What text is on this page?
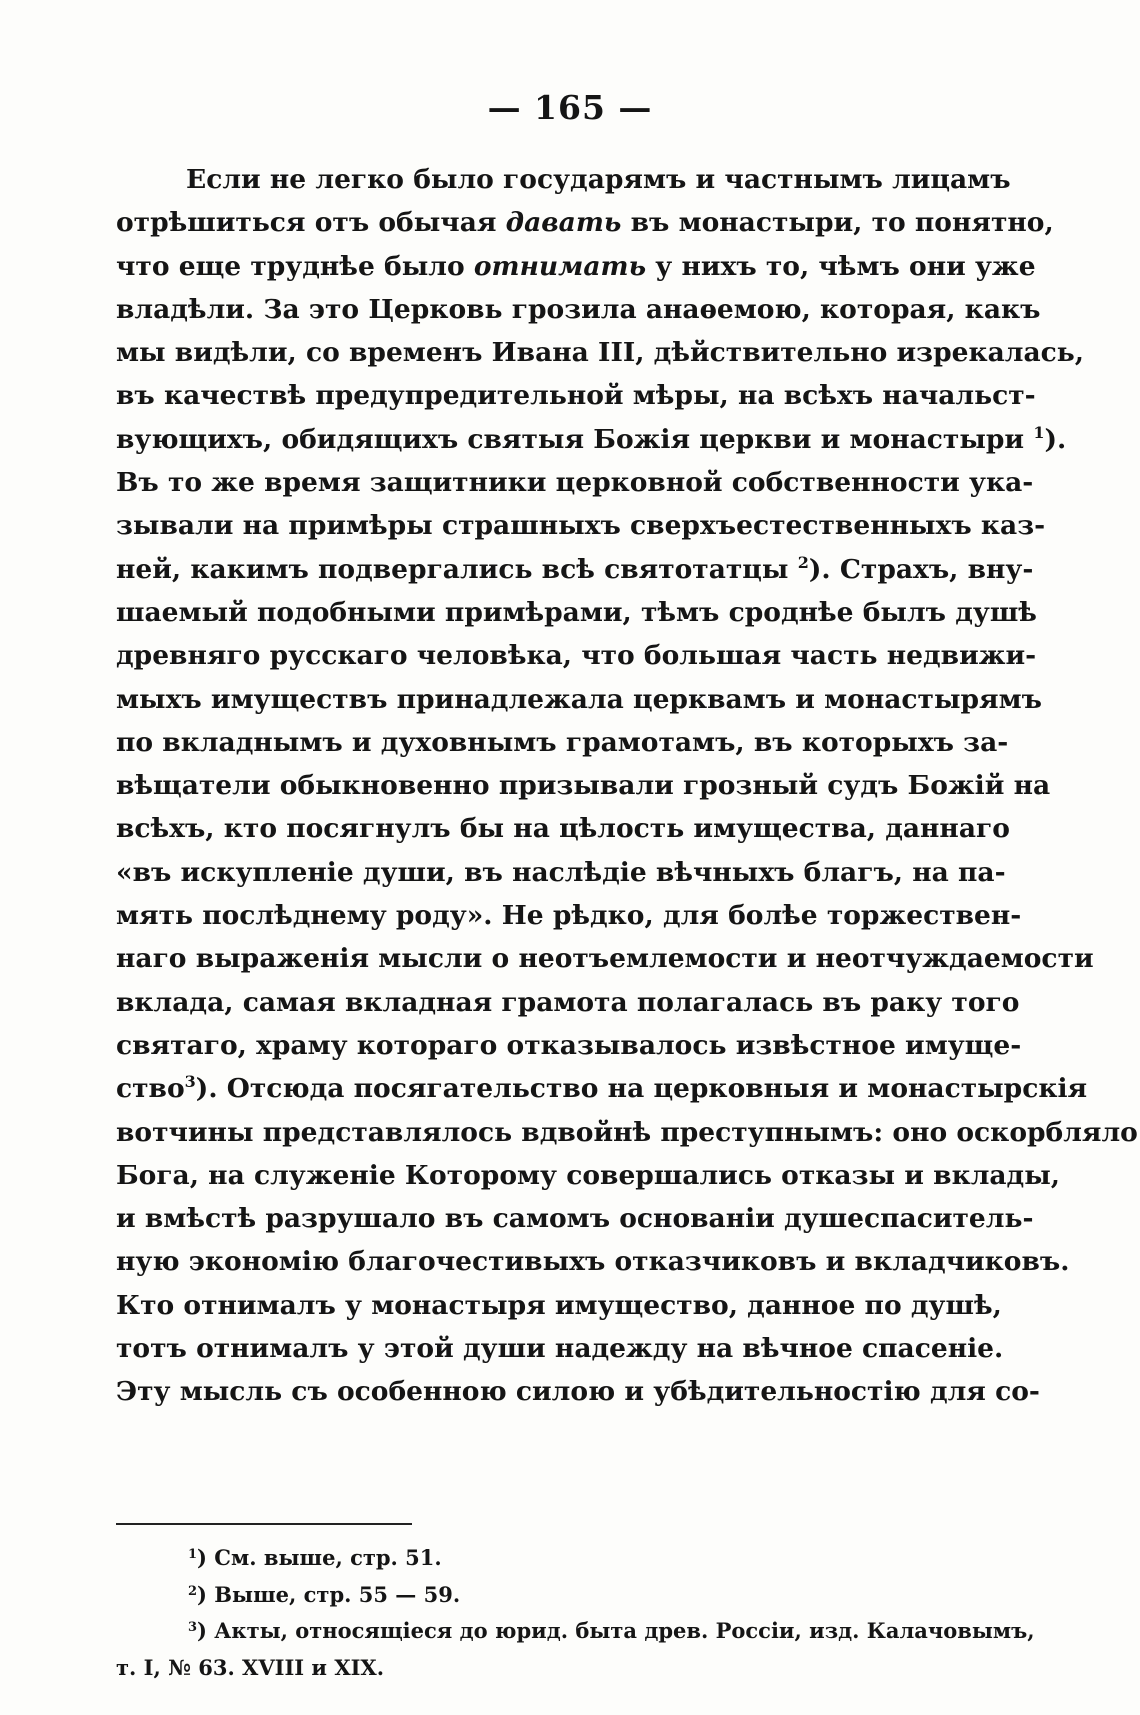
— 165 —
Если не легко было государямъ и частнымъ лицамъ
отрѣшиться отъ обычая давать въ монастыри, то понятно,
что еще труднѣе было отнимать у нихъ то, чѣмъ они уже
владѣли. За это Церковь грозила анаѳемою, которая, какъ
мы видѣли, со временъ Ивана III, дѣйствительно изрекалась,
въ качествѣ предупредительной мѣры, на всѣхъ начальст-
вующихъ, обидящихъ святыя Божія церкви и монастыри $^1$).
Въ то же время защитники церковной собственности ука-
зывали на примѣры страшныхъ сверхъестественныхъ каз-
ней, какимъ подвергались всѣ святотатцы $^2$). Страхъ, вну-
шаемый подобными примѣрами, тѣмъ сроднѣе былъ душѣ
древняго русскаго человѣка, что большая часть недвижи-
мыхъ имуществъ принадлежала церквамъ и монастырямъ
по вкладнымъ и духовнымъ грамотамъ, въ которыхъ за-
вѣщатели обыкновенно призывали грозный судъ Божій на
всѣхъ, кто посягнулъ бы на цѣлость имущества, даннаго
«въ искупленіе души, въ наслѣдіе вѣчныхъ благъ, на па-
мять послѣднему роду». Не рѣдко, для болѣе торжествен-
наго выраженія мысли о неотъемлемости и неотчуждаемости
вклада, самая вкладная грамота полагалась въ раку того
святаго, храму котораго отказывалось извѣстное имуще-
ство$^3$). Отсюда посягательство на церковныя и монастырскія
вотчины представлялось вдвойнѣ преступнымъ: оно оскорбляло
Бога, на служеніе Которому совершались отказы и вклады,
и вмѣстѣ разрушало въ самомъ основаніи душеспаситель-
ную экономію благочестивыхъ отказчиковъ и вкладчиковъ.
Кто отнималъ у монастыря имущество, данное по душѣ,
тотъ отнималъ у этой души надежду на вѣчное спасеніе.
Эту мысль съ особенною силою и убѣдительностію для со-
$^1$) См. выше, стр. 51.
$^2$) Выше, стр. 55 — 59.
$^3$) Акты, относящіеся до юрид. быта древ. Россіи, изд. Калачовымъ,
т. I, № 63. XVIII и XIX.
